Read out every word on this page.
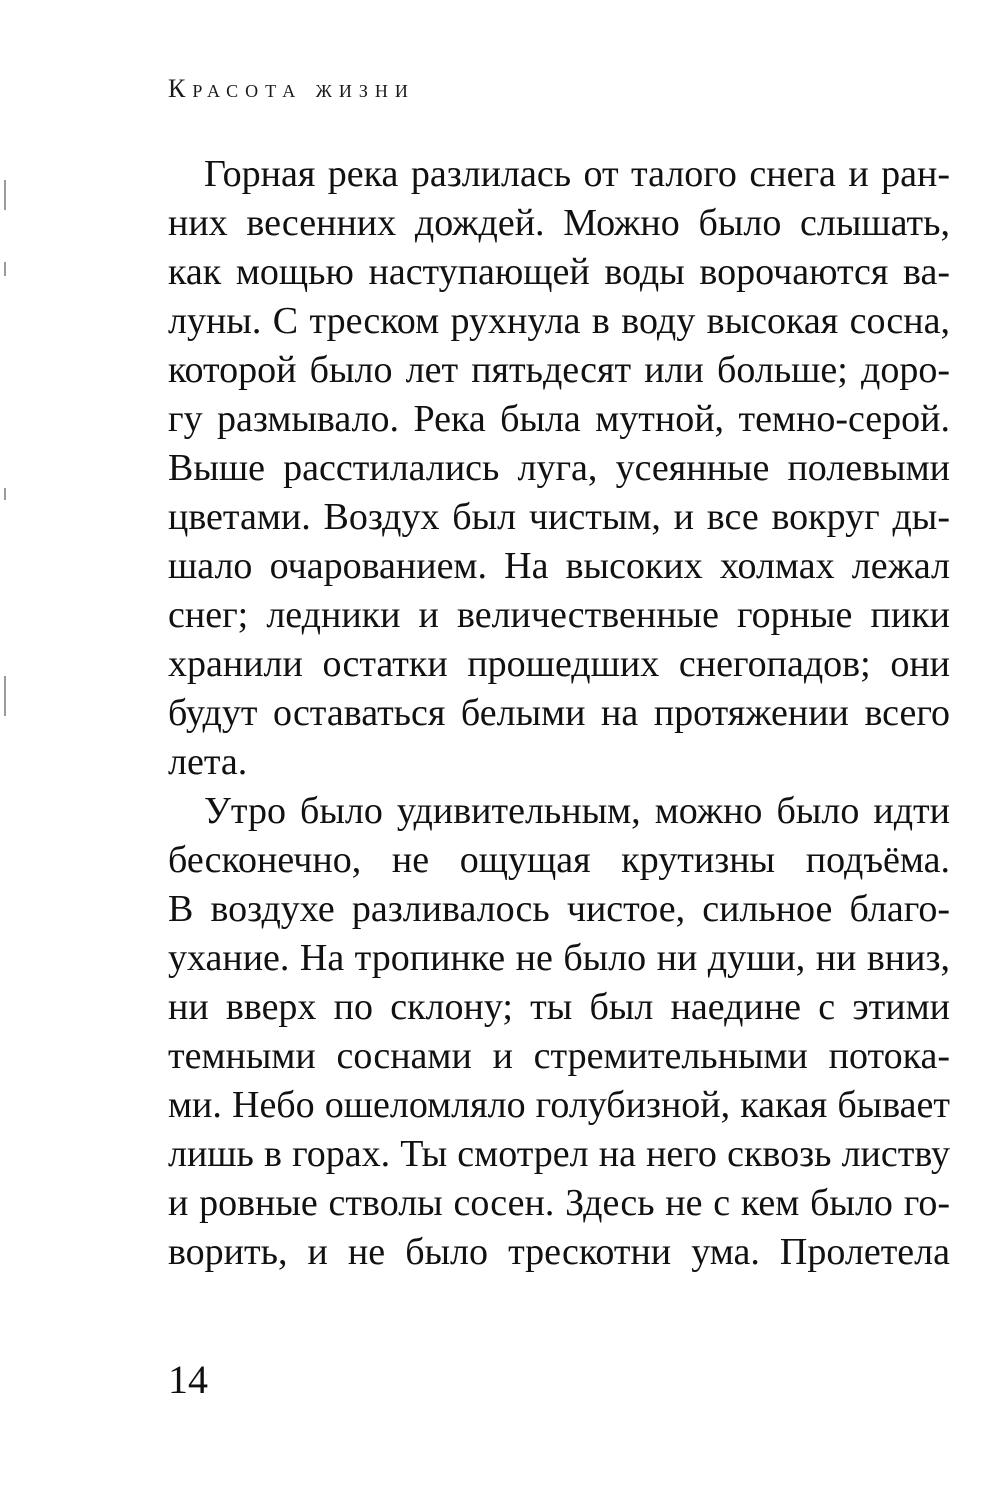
Красота жизни
Горная река разлилась от талого снега и ран-
них весенних дождей. Можно было слышать,
как мощью наступающей воды ворочаются ва-
луны. С треском рухнула в воду высокая сосна,
которой было лет пятьдесят или больше; доро-
гу размывало. Река была мутной, темно-серой.
Выше расстилались луга, усеянные полевыми
цветами. Воздух был чистым, и все вокруг ды-
шало очарованием. На высоких холмах лежал
снег; ледники и величественные горные пики
хранили остатки прошедших снегопадов; они
будут оставаться белыми на протяжении всего
лета.
Утро было удивительным, можно было идти
бесконечно, не ощущая крутизны подъёма.
В воздухе разливалось чистое, сильное благо-
ухание. На тропинке не было ни души, ни вниз,
ни вверх по склону; ты был наедине с этими
темными соснами и стремительными потока-
ми. Небо ошеломляло голубизной, какая бывает
лишь в горах. Ты смотрел на него сквозь листву
и ровные стволы сосен. Здесь не с кем было го-
ворить, и не было трескотни ума. Пролетела
14
